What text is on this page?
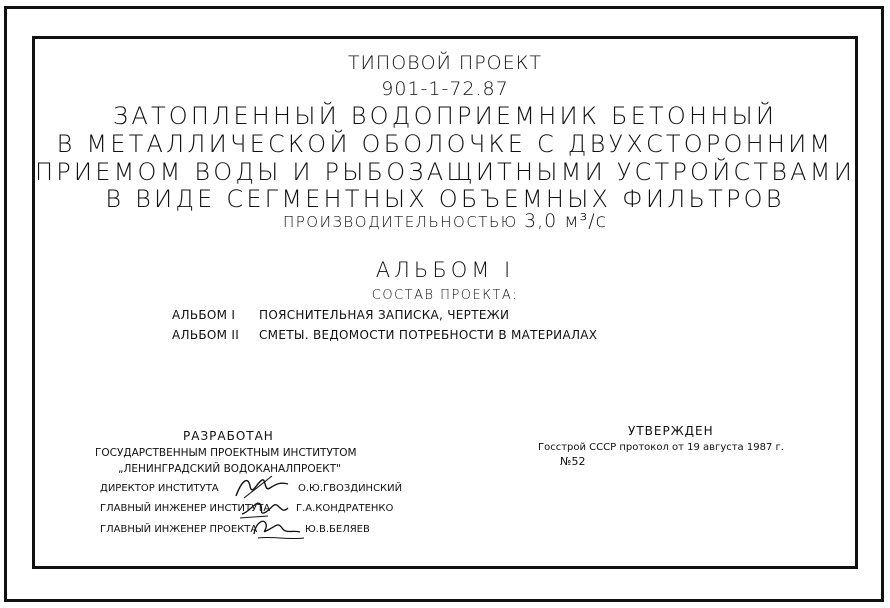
ТИПОВОЙ ПРОЕКТ
901-1-72.87
ЗАТОПЛЕННЫЙ ВОДОПРИЕМНИК БЕТОННЫЙ
В МЕТАЛЛИЧЕСКОЙ ОБОЛОЧКЕ С ДВУХСТОРОННИМ
ПРИЕМОМ ВОДЫ И РЫБОЗАЩИТНЫМИ УСТРОЙСТВАМИ
В ВИДЕ СЕГМЕНТНЫХ ОБЪЕМНЫХ ФИЛЬТРОВ
ПРОИЗВОДИТЕЛЬНОСТЬЮ 3,0 м³/с
АЛЬБОМ I
СОСТАВ ПРОЕКТА:
АЛЬБОМ I ПОЯСНИТЕЛЬНАЯ ЗАПИСКА, ЧЕРТЕЖИ
АЛЬБОМ II СМЕТЫ. ВЕДОМОСТИ ПОТРЕБНОСТИ В МАТЕРИАЛАХ
РАЗРАБОТАН
ГОСУДАРСТВЕННЫМ ПРОЕКТНЫМ ИНСТИТУТОМ
„ЛЕНИНГРАДСКИЙ ВОДОКАНАЛПРОЕКТ"
ДИРЕКТОР ИНСТИТУТА	О.Ю.ГВОЗДИНСКИЙ
ГЛАВНЫЙ ИНЖЕНЕР ИНСТИТУТА	Г.А.КОНДРАТЕНКО
ГЛАВНЫЙ ИНЖЕНЕР ПРОЕКТА	Ю.В.БЕЛЯЕВ
УТВЕРЖДЕН
Госстрой СССР протокол от 19 августа 1987 г.
№52
